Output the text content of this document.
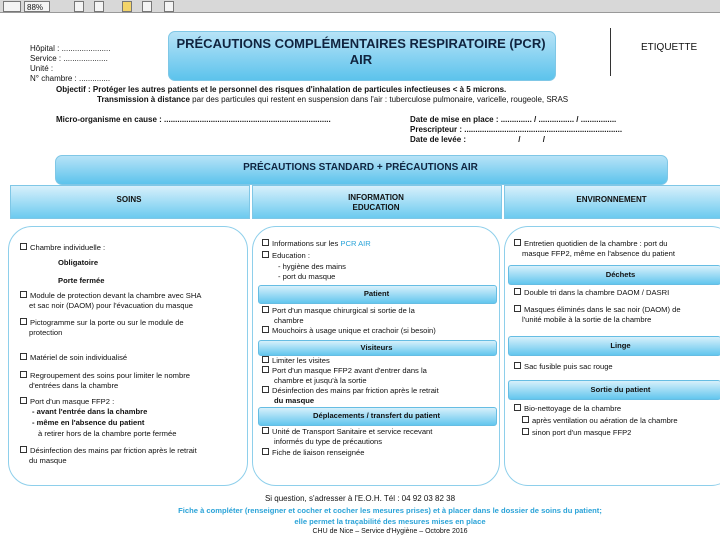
88%
PRÉCAUTIONS COMPLÉMENTAIRES RESPIRATOIRE (PCR)
AIR
ETIQUETTE
Hôpital : ......................
Service : ....................
Unité :
N° chambre : ..............
Objectif : Protéger les autres patients et le personnel des risques d'inhalation de particules infectieuses < à 5 microns.
Transmission à distance par des particules qui restent en suspension dans l'air : tuberculose pulmonaire, varicelle, rougeole, SRAS
Micro-organisme en cause : ...........................................................................	Date de mise en place : .............. / ................ / ................
Prescripteur : .......................................................................
Date de levée :	/          /
PRÉCAUTIONS STANDARD + PRÉCAUTIONS AIR
SOINS	INFORMATION
EDUCATION
ENVIRONNEMENT
Chambre individuelle :
Obligatoire
Porte fermée
Module de protection devant la chambre avec SHA
et sac noir (DAOM) pour l'évacuation du masque
Pictogramme sur la porte ou sur le module de
protection
Matériel de soin individualisé
Regroupement des soins pour limiter le nombre
d'entrées dans la chambre
Port d'un masque FFP2 :
- avant l'entrée dans la chambre
- même en l'absence du patient
à retirer hors de la chambre porte fermée
Désinfection des mains par friction après le retrait
du masque
Informations sur les PCR AIR
Education :
- hygiène des mains
- port du masque
Patient
Port d'un masque chirurgical si sortie de la
chambre
Mouchoirs à usage unique et crachoir (si besoin)
Visiteurs
Limiter les visites
Port d'un masque FFP2 avant d'entrer dans la
chambre et jusqu'à la sortie
Désinfection des mains par friction après le retrait
du masque
Déplacements / transfert du patient
Unité de Transport Sanitaire et service recevant
informés du type de précautions
Fiche de liaison renseignée
Entretien quotidien de la chambre : port du
masque FFP2, même en l'absence du patient
Déchets
Double tri dans la chambre DAOM / DASRI
Masques éliminés dans le sac noir (DAOM) de
l'unité mobile à la sortie de la chambre
Linge
Sac fusible puis sac rouge
Sortie du patient
Bio-nettoyage de la chambre
après ventilation ou aération de la chambre
sinon port d'un masque FFP2
Si question, s'adresser à l'E.O.H. Tél : 04 92 03 82 38
Fiche à compléter (renseigner et cocher et cocher les mesures prises) et à placer dans le dossier de soins du patient;
elle permet la traçabilité des mesures mises en place
CHU de Nice – Service d'Hygiène – Octobre 2016
